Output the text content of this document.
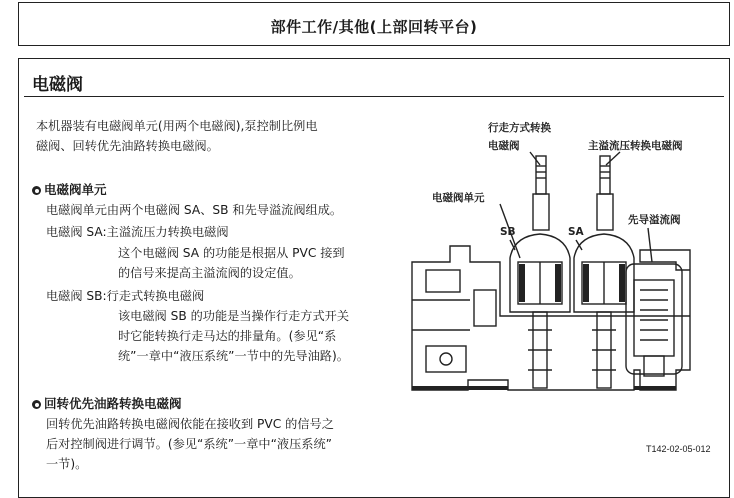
部件工作/其他(上部回转平台)
电磁阀
本机器装有电磁阀单元(用两个电磁阀),泵控制比例电
磁阀、回转优先油路转换电磁阀。
电磁阀单元
电磁阀单元由两个电磁阀 SA、SB 和先导溢流阀组成。
电磁阀 SA:主溢流压力转换电磁阀
这个电磁阀 SA 的功能是根据从 PVC 接到
的信号来提高主溢流阀的设定值。
电磁阀 SB:行走式转换电磁阀
该电磁阀 SB 的功能是当操作行走方式开关
时它能转换行走马达的排量角。(参见“系
统”一章中“液压系统”一节中的先导油路)。
回转优先油路转换电磁阀
回转优先油路转换电磁阀依能在接收到 PVC 的信号之
后对控制阀进行调节。(参见“系统”一章中“液压系统”
一节)。
行走方式转换
电磁阀	主溢流压转换电磁阀
电磁阀单元
先导溢流阀
SB	SA
T142-02-05-012
